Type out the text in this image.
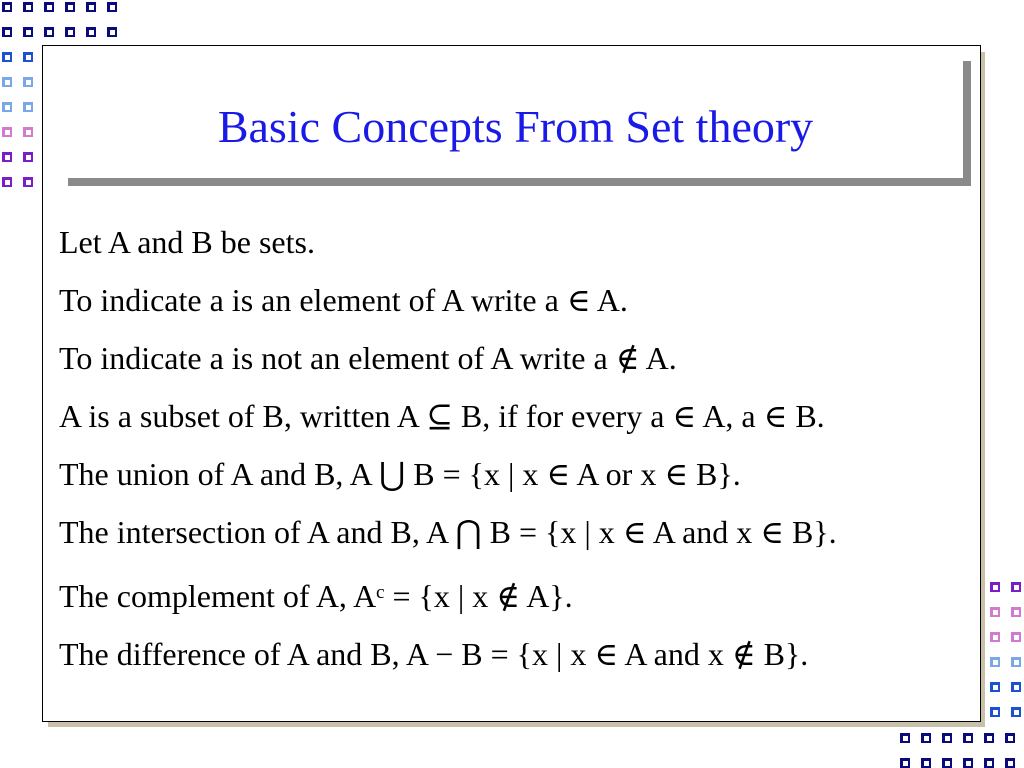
Basic Concepts From Set theory
Let A and B be sets.
To indicate a is an element of A write a ∈ A.
To indicate a is not an element of A write a ∉ A.
A is a subset of B, written A ⊆ B, if for every a ∈ A, a ∈ B.
The union of A and B, A ⋃ B = {x | x ∈ A or x ∈ B}.
The intersection of A and B, A ⋂ B = {x | x ∈ A and x ∈ B}.
The complement of A, Aᶜ = {x | x ∉ A}.
The difference of A and B, A − B = {x | x ∈ A and x ∉ B}.
